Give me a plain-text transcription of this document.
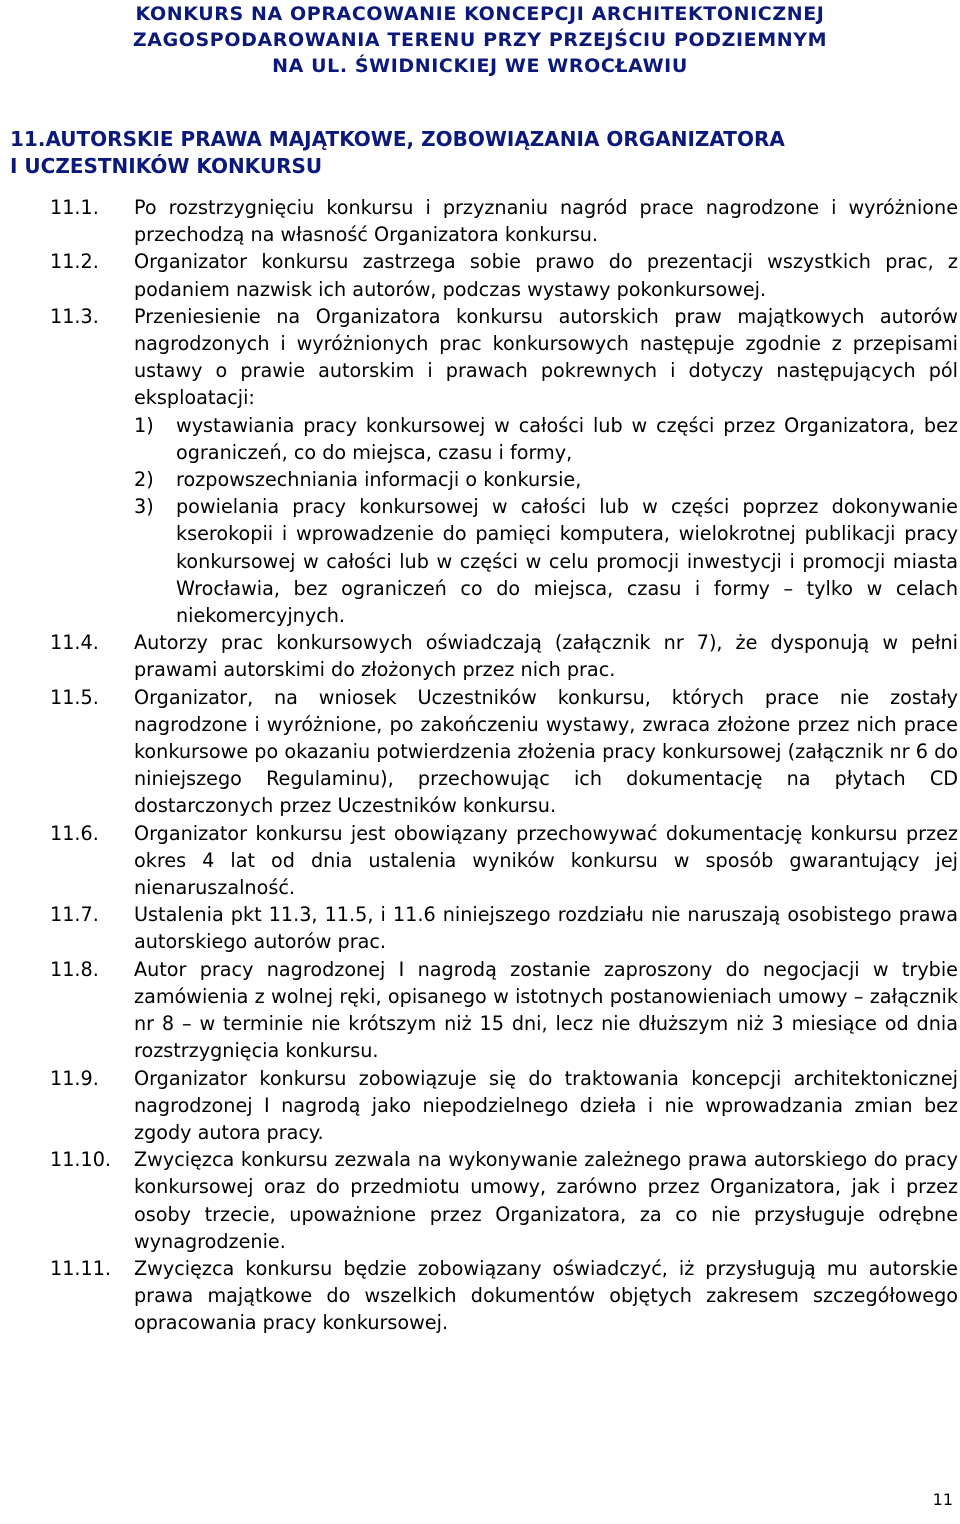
KONKURS NA OPRACOWANIE KONCEPCJI ARCHITEKTONICZNEJ
ZAGOSPODAROWANIA TERENU PRZY PRZEJŚCIU PODZIEMNYM
NA UL. ŚWIDNICKIEJ WE WROCŁAWIU
11.AUTORSKIE PRAWA MAJĄTKOWE, ZOBOWIĄZANIA ORGANIZATORA
I UCZESTNIKÓW KONKURSU
11.1.	Po rozstrzygnięciu konkursu i przyznaniu nagród prace nagrodzone i wyróżnione przechodzą na własność Organizatora konkursu.
11.2.	Organizator konkursu zastrzega sobie prawo do prezentacji wszystkich prac, z podaniem nazwisk ich autorów, podczas wystawy pokonkursowej.
11.3.	Przeniesienie na Organizatora konkursu autorskich praw majątkowych autorów nagrodzonych i wyróżnionych prac konkursowych następuje zgodnie z przepisami ustawy o prawie autorskim i prawach pokrewnych i dotyczy następujących pól eksploatacji:
1)	wystawiania pracy konkursowej w całości lub w części przez Organizatora, bez ograniczeń, co do miejsca, czasu i formy,
2)	rozpowszechniania informacji o konkursie,
3)	powielania pracy konkursowej w całości lub w części poprzez dokonywanie kserokopii i wprowadzenie do pamięci komputera, wielokrotnej publikacji pracy konkursowej w całości lub w części w celu promocji inwestycji i promocji miasta Wrocławia, bez ograniczeń co do miejsca, czasu i formy – tylko w celach niekomercyjnych.
11.4.	Autorzy prac konkursowych oświadczają (załącznik nr 7), że dysponują w pełni prawami autorskimi do złożonych przez nich prac.
11.5.	Organizator, na wniosek Uczestników konkursu, których prace nie zostały nagrodzone i wyróżnione, po zakończeniu wystawy, zwraca złożone przez nich prace konkursowe po okazaniu potwierdzenia złożenia pracy konkursowej (załącznik nr 6 do niniejszego Regulaminu), przechowując ich dokumentację na płytach CD dostarczonych przez Uczestników konkursu.
11.6.	Organizator konkursu jest obowiązany przechowywać dokumentację konkursu przez okres 4 lat od dnia ustalenia wyników konkursu w sposób gwarantujący jej nienaruszalność.
11.7.	Ustalenia pkt 11.3, 11.5, i 11.6 niniejszego rozdziału nie naruszają osobistego prawa autorskiego autorów prac.
11.8.	Autor pracy nagrodzonej I nagrodą zostanie zaproszony do negocjacji w trybie zamówienia z wolnej ręki, opisanego w istotnych postanowieniach umowy – załącznik nr 8 – w terminie nie krótszym niż 15 dni, lecz nie dłuższym niż 3 miesiące od dnia rozstrzygnięcia konkursu.
11.9.	Organizator konkursu zobowiązuje się do traktowania koncepcji architektonicznej nagrodzonej I nagrodą jako niepodzielnego dzieła i nie wprowadzania zmian bez zgody autora pracy.
11.10.	Zwycięzca konkursu zezwala na wykonywanie zależnego prawa autorskiego do pracy konkursowej oraz do przedmiotu umowy, zarówno przez Organizatora, jak i przez osoby trzecie, upoważnione przez Organizatora, za co nie przysługuje odrębne wynagrodzenie.
11.11.	Zwycięzca konkursu będzie zobowiązany oświadczyć, iż przysługują mu autorskie prawa majątkowe do wszelkich dokumentów objętych zakresem szczegółowego opracowania pracy konkursowej.
11
